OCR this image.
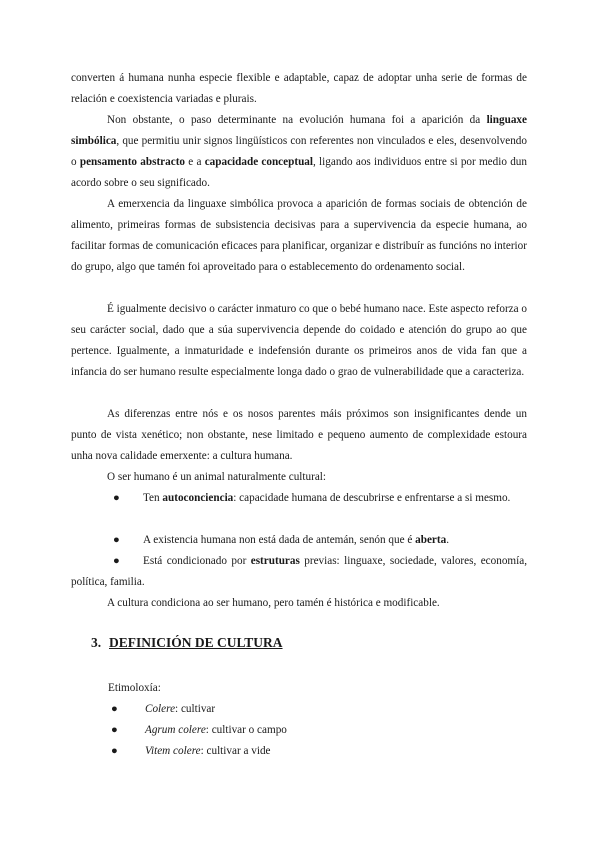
converten á humana nunha especie flexible e adaptable, capaz de adoptar unha serie de formas de relación e coexistencia variadas e plurais.

Non obstante, o paso determinante na evolución humana foi a aparición da linguaxe simbólica, que permitiu unir signos lingüísticos con referentes non vinculados e eles, desenvolvendo o pensamento abstracto e a capacidade conceptual, ligando aos individuos entre si por medio dun acordo sobre o seu significado.

A emerxencia da linguaxe simbólica provoca a aparición de formas sociais de obtención de alimento, primeiras formas de subsistencia decisivas para a supervivencia da especie humana, ao facilitar formas de comunicación eficaces para planificar, organizar e distribuír as funcións no interior do grupo, algo que tamén foi aproveitado para o establecemento do ordenamento social.

É igualmente decisivo o carácter inmaturo co que o bebé humano nace. Este aspecto reforza o seu carácter social, dado que a súa supervivencia depende do coidado e atención do grupo ao que pertence. Igualmente, a inmaturidade e indefensión durante os primeiros anos de vida fan que a infancia do ser humano resulte especialmente longa dado o grao de vulnerabilidade que a caracteriza.

As diferenzas entre nós e os nosos parentes máis próximos son insignificantes dende un punto de vista xenético; non obstante, nese limitado e pequeno aumento de complexidade estoura unha nova calidade emerxente: a cultura humana.

O ser humano é un animal naturalmente cultural:

●	Ten autoconciencia: capacidade humana de descubrirse e enfrentarse a si mesmo.

●	A existencia humana non está dada de antemán, senón que é aberta.

●	Está condicionado por estruturas previas: linguaxe, sociedade, valores, economía, política, familia.

A cultura condiciona ao ser humano, pero tamén é histórica e modificable.

3. DEFINICIÓN DE CULTURA
Etimoloxía:
● Colere: cultivar
● Agrum colere: cultivar o campo
● Vitem colere: cultivar a vide
